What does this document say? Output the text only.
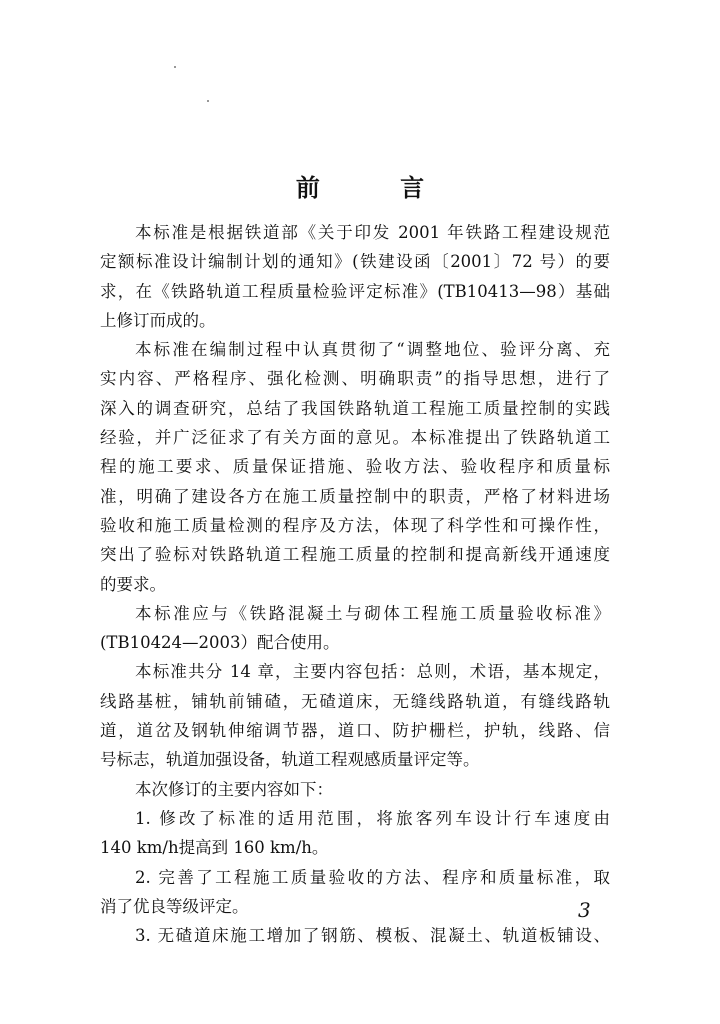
前 言
本标准是根据铁道部《关于印发 2001 年铁路工程建设规范
定额标准设计编制计划的通知》(铁建设函〔2001〕72 号）的要
求，在《铁路轨道工程质量检验评定标准》(TB10413—98）基础
上修订而成的。
本标准在编制过程中认真贯彻了“调整地位、验评分离、充
实内容、严格程序、强化检测、明确职责”的指导思想，进行了
深入的调查研究，总结了我国铁路轨道工程施工质量控制的实践
经验，并广泛征求了有关方面的意见。本标准提出了铁路轨道工
程的施工要求、质量保证措施、验收方法、验收程序和质量标
准，明确了建设各方在施工质量控制中的职责，严格了材料进场
验收和施工质量检测的程序及方法，体现了科学性和可操作性，
突出了验标对铁路轨道工程施工质量的控制和提高新线开通速度
的要求。
本标准应与《铁路混凝土与砌体工程施工质量验收标准》
(TB10424—2003）配合使用。
本标准共分 14 章，主要内容包括：总则，术语，基本规定，
线路基桩，铺轨前铺碴，无碴道床，无缝线路轨道，有缝线路轨
道，道岔及钢轨伸缩调节器，道口、防护栅栏，护轨，线路、信
号标志，轨道加强设备，轨道工程观感质量评定等。
本次修订的主要内容如下：
1. 修改了标准的适用范围，将旅客列车设计行车速度由
140 km/h提高到 160 km/h。
2. 完善了工程施工质量验收的方法、程序和质量标准，取
消了优良等级评定。
3. 无碴道床施工增加了钢筋、模板、混凝土、轨道板铺设、
3
